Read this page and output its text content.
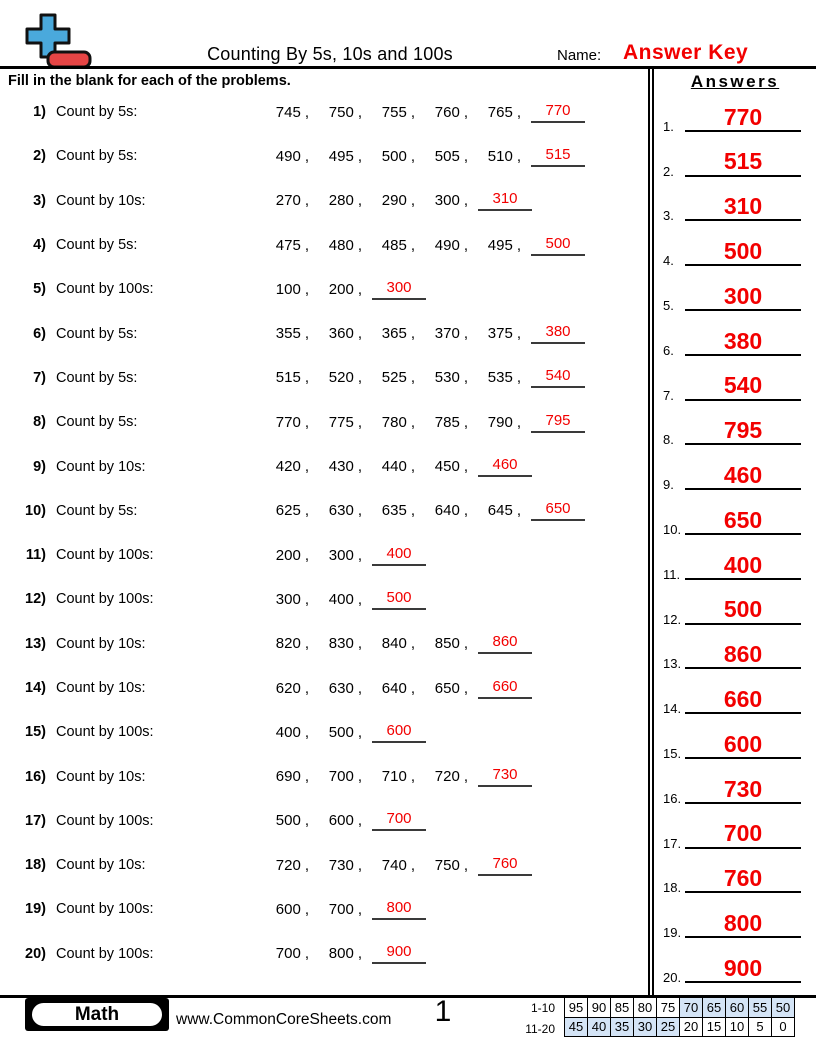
Counting By 5s, 10s and 100s	Name: Answer Key
Fill in the blank for each of the problems.
1) Count by 5s:	745 , 750 , 755 , 760 , 765 ,	770
2) Count by 5s:	490 , 495 , 500 , 505 , 510 ,	515
3) Count by 10s:	270 , 280 , 290 , 300 ,	310
4) Count by 5s:	475 , 480 , 485 , 490 , 495 ,	500
5) Count by 100s:	100 , 200 ,	300
6) Count by 5s:	355 , 360 , 365 , 370 , 375 ,	380
7) Count by 5s:	515 , 520 , 525 , 530 , 535 ,	540
8) Count by 5s:	770 , 775 , 780 , 785 , 790 ,	795
9) Count by 10s:	420 , 430 , 440 , 450 ,	460
10) Count by 5s:	625 , 630 , 635 , 640 , 645 ,	650
11) Count by 100s:	200 , 300 ,	400
12) Count by 100s:	300 , 400 ,	500
13) Count by 10s:	820 , 830 , 840 , 850 ,	860
14) Count by 10s:	620 , 630 , 640 , 650 ,	660
15) Count by 100s:	400 , 500 ,	600
16) Count by 10s:	690 , 700 , 710 , 720 ,	730
17) Count by 100s:	500 , 600 ,	700
18) Count by 10s:	720 , 730 , 740 , 750 ,	760
19) Count by 100s:	600 , 700 ,	800
20) Count by 100s:	700 , 800 ,	900
Answers
1.	770
2.	515
3.	310
4.	500
5.	300
6.	380
7.	540
8.	795
9.	460
10.	650
11.	400
12.	500
13.	860
14.	660
15.	600
16.	730
17.	700
18.	760
19.	800
20.	900
Math	www.CommonCoreSheets.com	1	1-10
11-20
95	90	85	80	75	70	65	60	55	50
45	40	35	30	25	20	15	10	5	0
